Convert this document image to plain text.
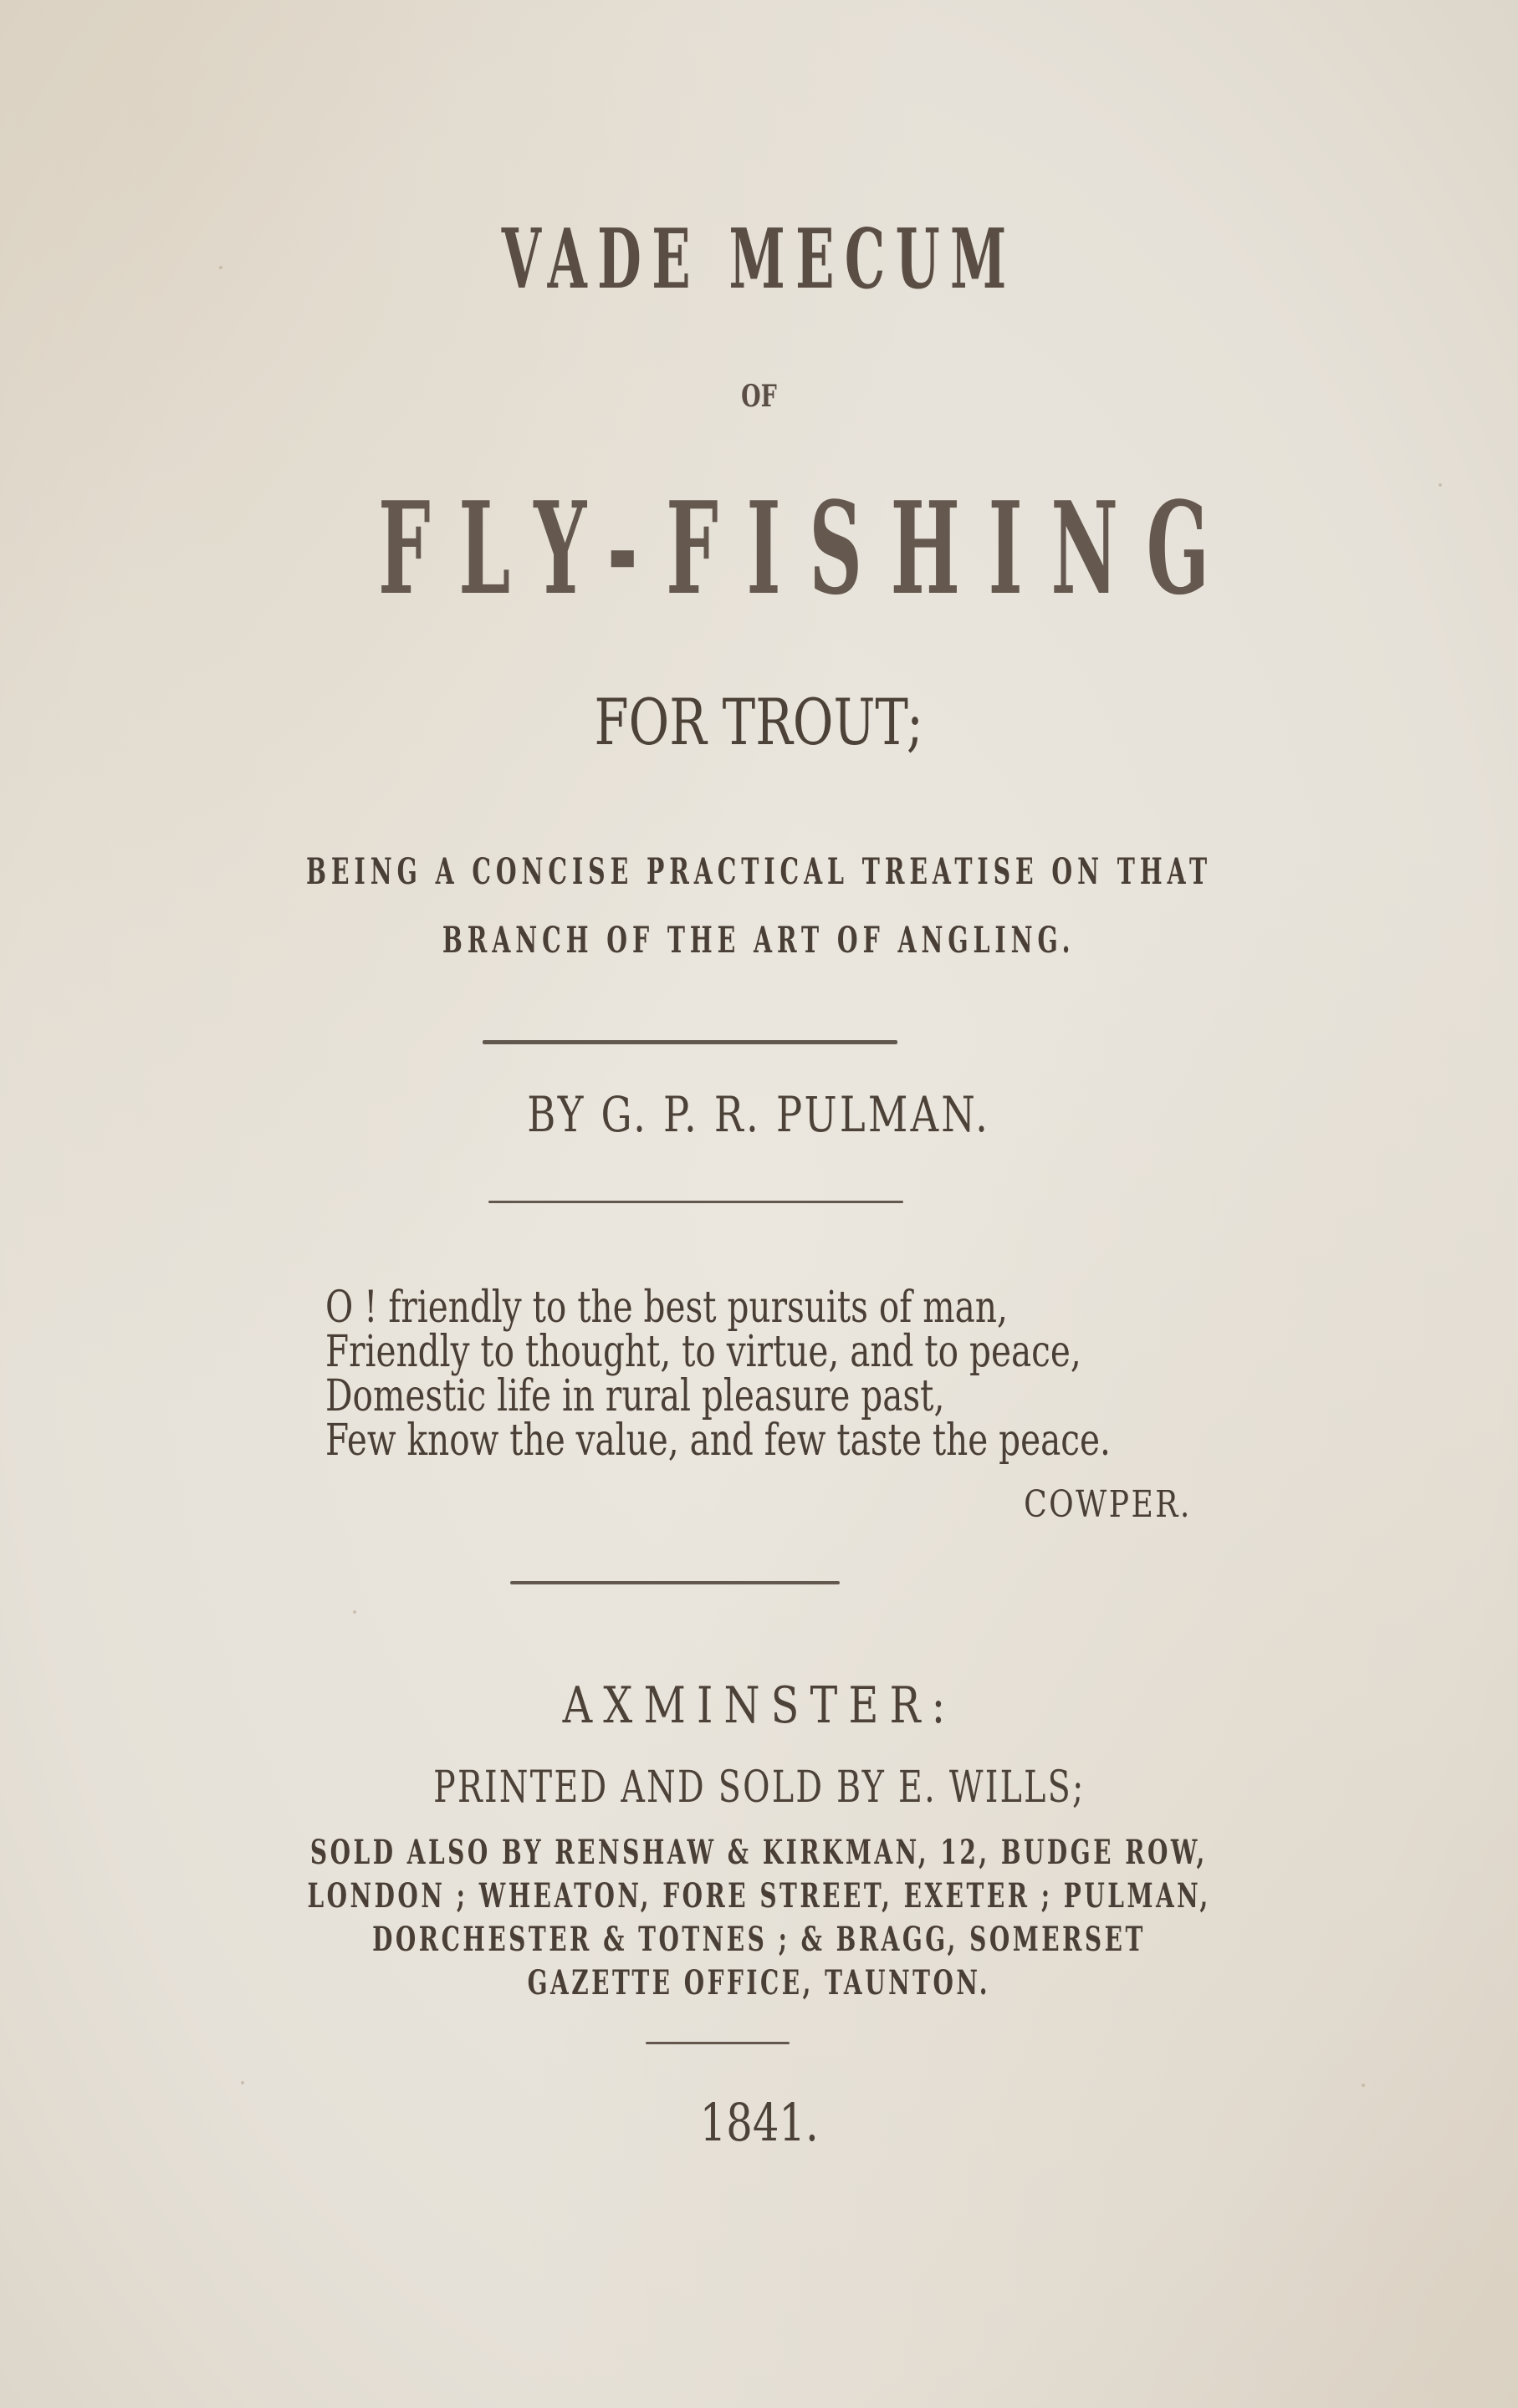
VADE MECUM
OF
FLY-FISHING
FOR TROUT;
BEING A CONCISE PRACTICAL TREATISE ON THAT
BRANCH OF THE ART OF ANGLING.
BY G. P. R. PULMAN.
O ! friendly to the best pursuits of man,
Friendly to thought, to virtue, and to peace,
Domestic life in rural pleasure past,
Few know the value, and few taste the peace.
COWPER.
AXMINSTER:
PRINTED AND SOLD BY E. WILLS;
SOLD ALSO BY RENSHAW & KIRKMAN, 12, BUDGE ROW,
LONDON ; WHEATON, FORE STREET, EXETER ; PULMAN,
DORCHESTER & TOTNES ; & BRAGG, SOMERSET
GAZETTE OFFICE, TAUNTON.
1841.
